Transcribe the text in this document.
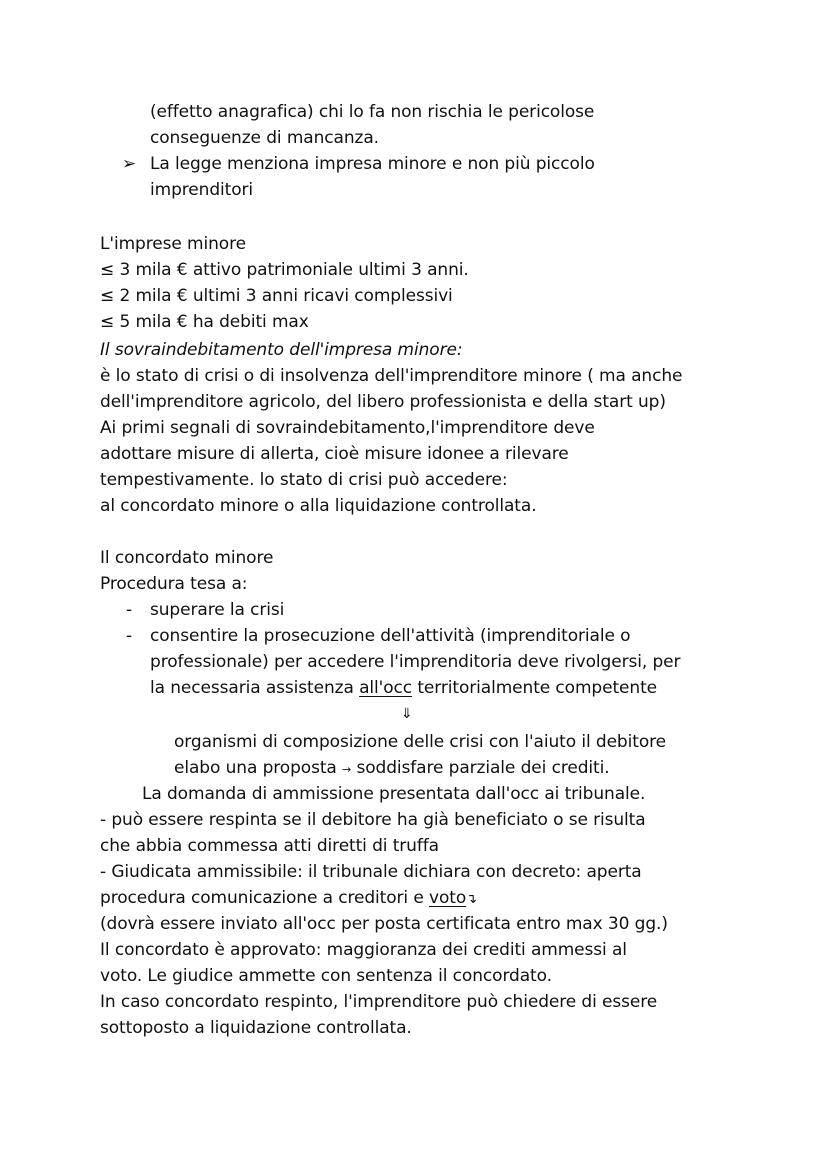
(effetto anagrafica) chi lo fa non rischia le pericolose
conseguenze di mancanza.
➢ La legge menziona impresa minore e non più piccolo
imprenditori
L'imprese minore
≤ 3 mila € attivo patrimoniale ultimi 3 anni.
≤ 2 mila € ultimi 3 anni ricavi complessivi
≤ 5 mila € ha debiti max
Il sovraindebitamento dell'impresa minore:
è lo stato di crisi o di insolvenza dell'imprenditore minore ( ma anche
dell'imprenditore agricolo, del libero professionista e della start up)
Ai primi segnali di sovraindebitamento,l'imprenditore deve
adottare misure di allerta, cioè misure idonee a rilevare
tempestivamente. lo stato di crisi può accedere:
al concordato minore o alla liquidazione controllata.
Il concordato minore
Procedura tesa a:
- superare la crisi
- consentire la prosecuzione dell'attività (imprenditoriale o
professionale) per accedere l'imprenditoria deve rivolgersi, per
la necessaria assistenza all'occ territorialmente competente
⇓
organismi di composizione delle crisi con l'aiuto il debitore
elabo una proposta → soddisfare parziale dei crediti.
La domanda di ammissione presentata dall'occ ai tribunale.
- può essere respinta se il debitore ha già beneficiato o se risulta
che abbia commessa atti diretti di truffa
- Giudicata ammissibile: il tribunale dichiara con decreto: aperta
procedura comunicazione a creditori e voto↴
(dovrà essere inviato all'occ per posta certificata entro max 30 gg.)
Il concordato è approvato: maggioranza dei crediti ammessi al
voto. Le giudice ammette con sentenza il concordato.
In caso concordato respinto, l'imprenditore può chiedere di essere
sottoposto a liquidazione controllata.
